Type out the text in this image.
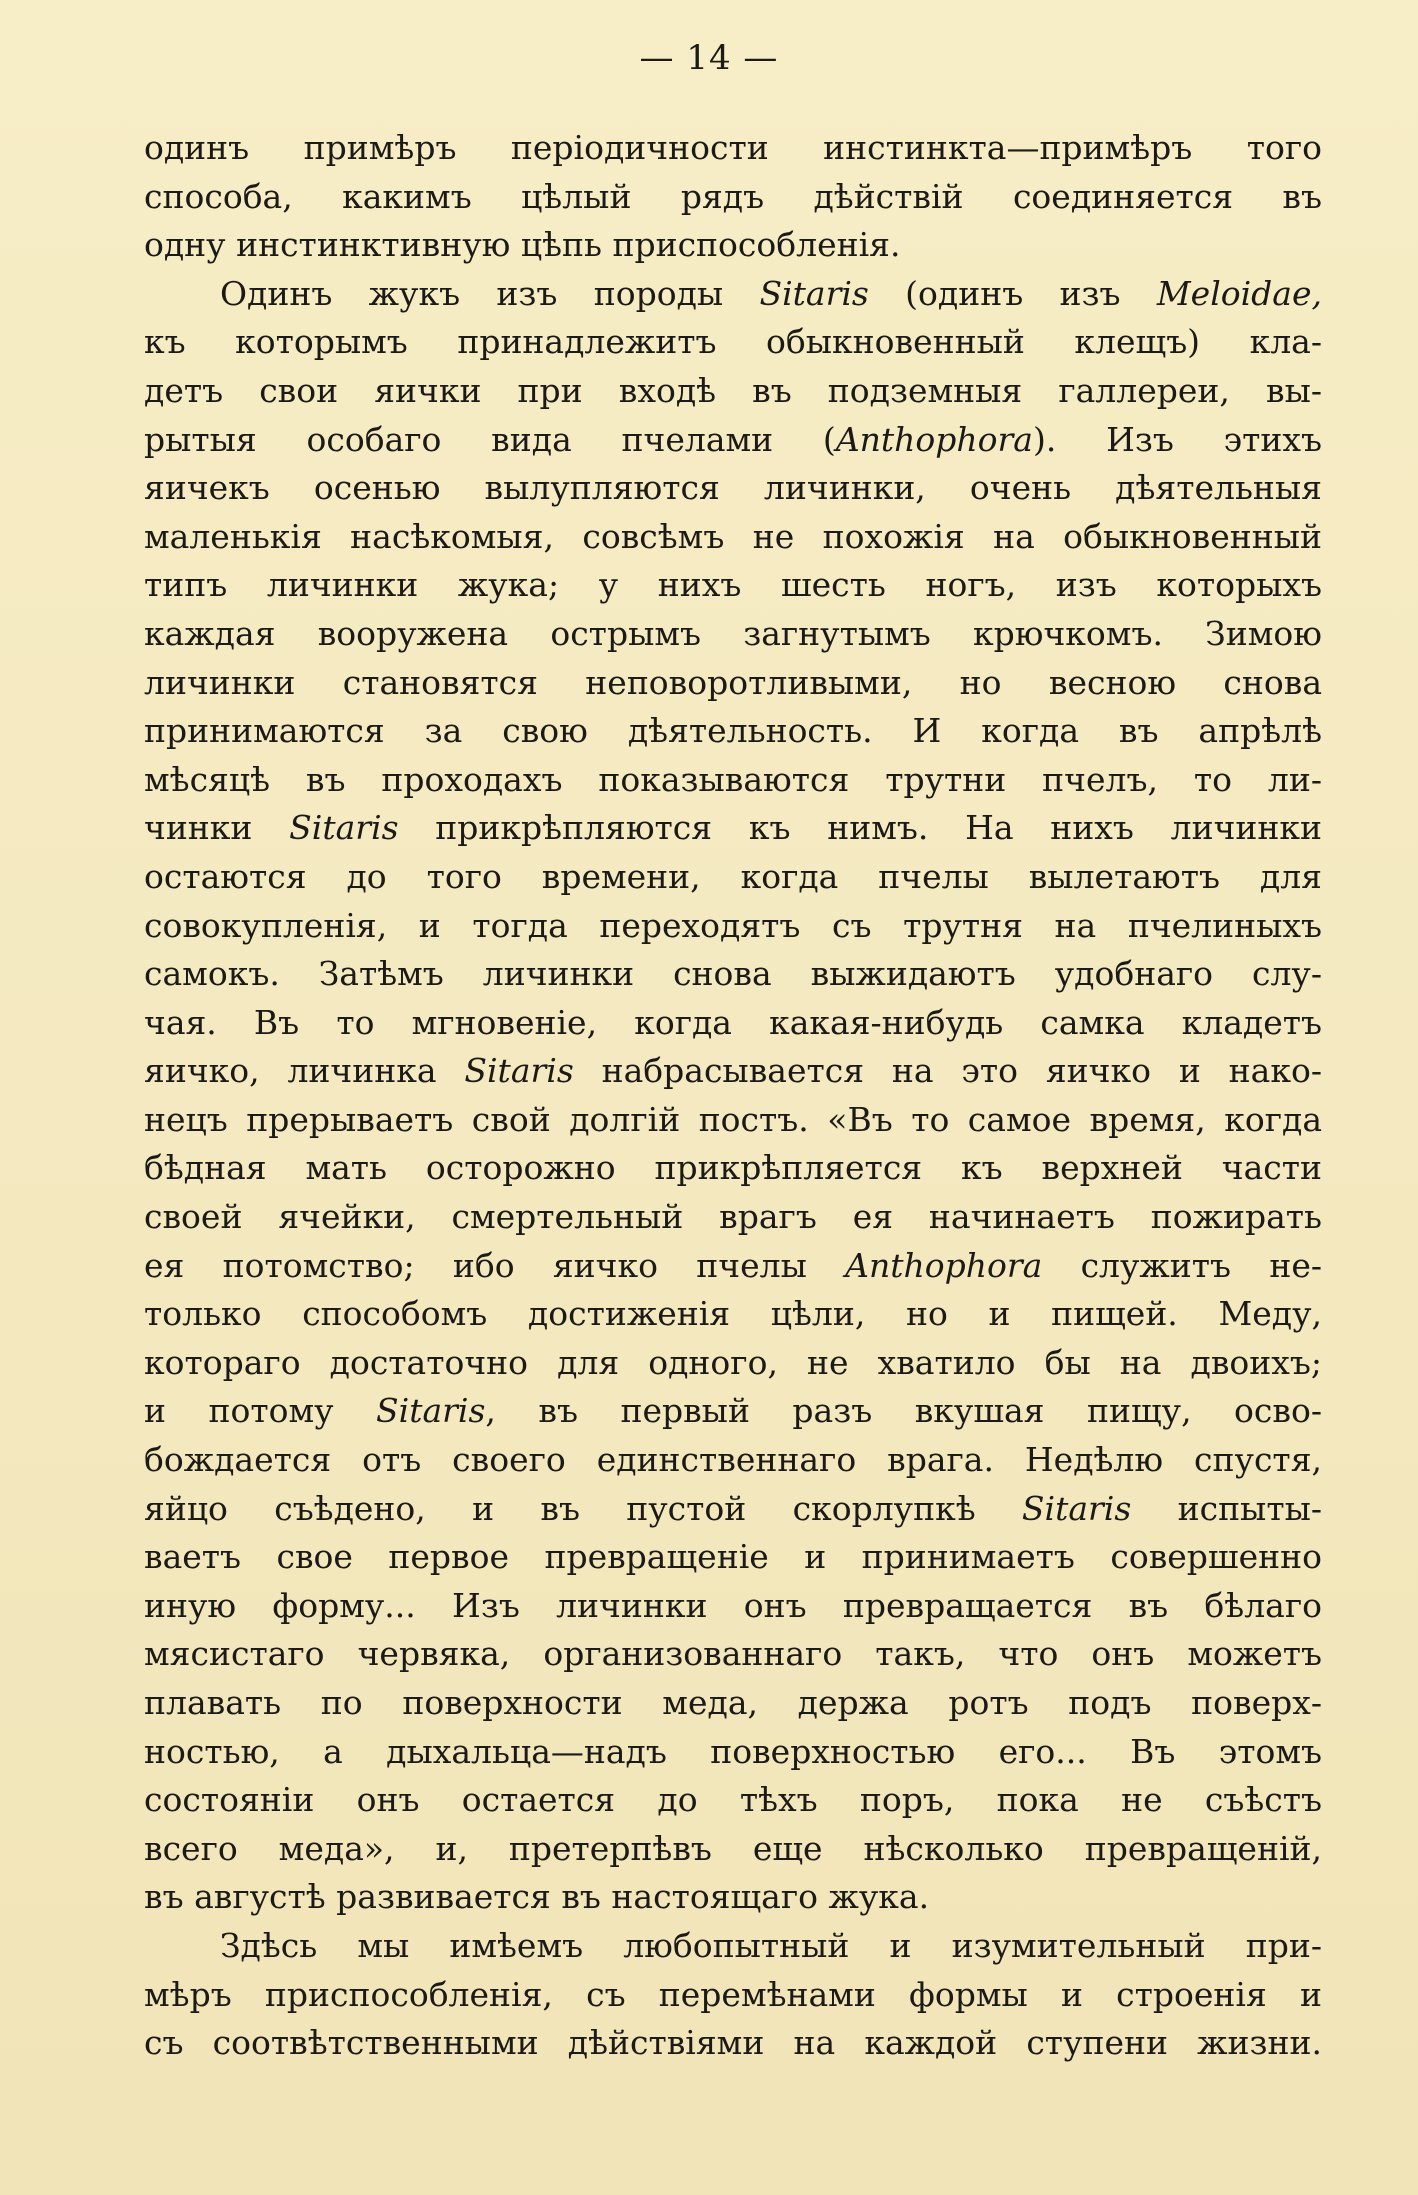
— 14 —
одинъ примѣръ періодичности инстинкта—примѣръ того
способа, какимъ цѣлый рядъ дѣйствій соединяется въ
одну инстинктивную цѣпь приспособленія.
Одинъ жукъ изъ породы Sitaris (одинъ изъ Meloidae,
къ которымъ принадлежитъ обыкновенный клещъ) кла-
детъ свои яички при входѣ въ подземныя галлереи, вы-
рытыя особаго вида пчелами (Anthophora). Изъ этихъ
яичекъ осенью вылупляются личинки, очень дѣятельныя
маленькія насѣкомыя, совсѣмъ не похожія на обыкновенный
типъ личинки жука; у нихъ шесть ногъ, изъ которыхъ
каждая вооружена острымъ загнутымъ крючкомъ. Зимою
личинки становятся неповоротливыми, но весною снова
принимаются за свою дѣятельность. И когда въ апрѣлѣ
мѣсяцѣ въ проходахъ показываются трутни пчелъ, то ли-
чинки Sitaris прикрѣпляются къ нимъ. На нихъ личинки
остаются до того времени, когда пчелы вылетаютъ для
совокупленія, и тогда переходятъ съ трутня на пчелиныхъ
самокъ. Затѣмъ личинки снова выжидаютъ удобнаго слу-
чая. Въ то мгновеніе, когда какая-нибудь самка кладетъ
яичко, личинка Sitaris набрасывается на это яичко и нако-
нецъ прерываетъ свой долгій постъ. «Въ то самое время, когда
бѣдная мать осторожно прикрѣпляется къ верхней части
своей ячейки, смертельный врагъ ея начинаетъ пожирать
ея потомство; ибо яичко пчелы Anthophora служитъ не-
только способомъ достиженія цѣли, но и пищей. Меду,
котораго достаточно для одного, не хватило бы на двоихъ;
и потому Sitaris, въ первый разъ вкушая пищу, осво-
бождается отъ своего единственнаго врага. Недѣлю спустя,
яйцо съѣдено, и въ пустой скорлупкѣ Sitaris испыты-
ваетъ свое первое превращеніе и принимаетъ совершенно
иную форму... Изъ личинки онъ превращается въ бѣлаго
мясистаго червяка, организованнаго такъ, что онъ можетъ
плавать по поверхности меда, держа ротъ подъ поверх-
ностью, а дыхальца—надъ поверхностью его... Въ этомъ
состояніи онъ остается до тѣхъ поръ, пока не съѣстъ
всего меда», и, претерпѣвъ еще нѣсколько превращеній,
въ августѣ развивается въ настоящаго жука.
Здѣсь мы имѣемъ любопытный и изумительный при-
мѣръ приспособленія, съ перемѣнами формы и строенія и
съ соотвѣтственными дѣйствіями на каждой ступени жизни.
